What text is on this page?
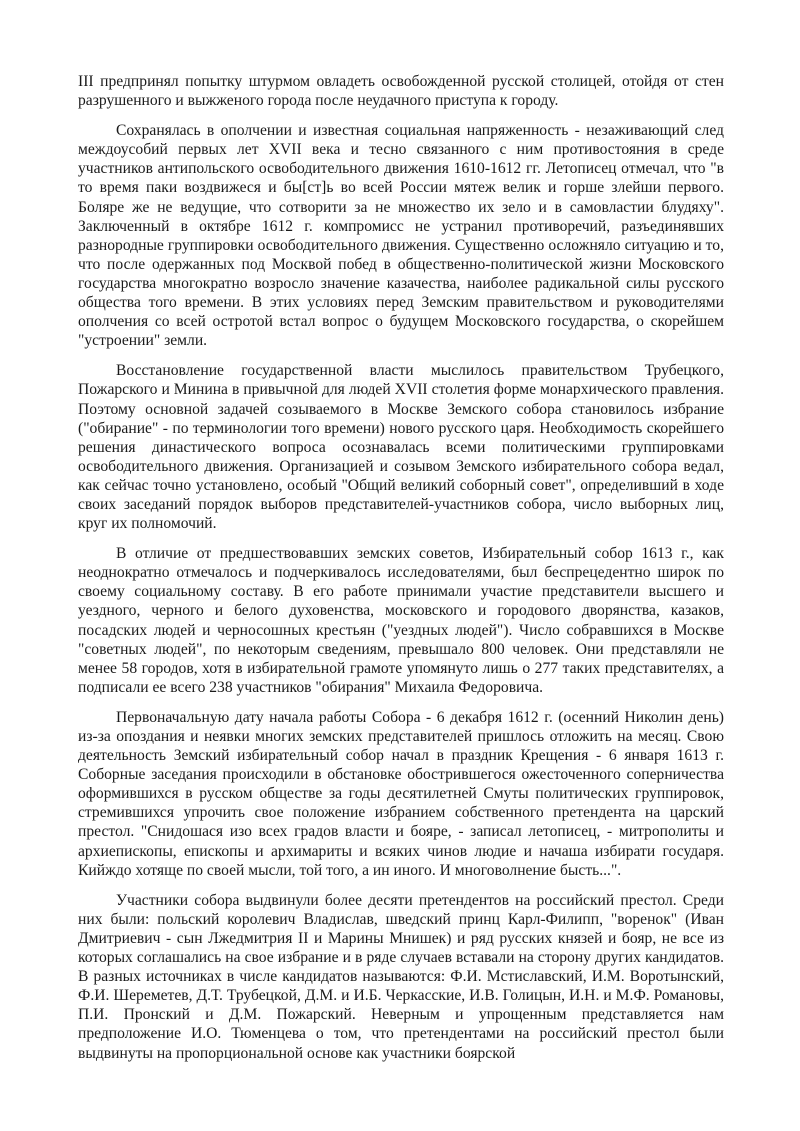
III предпринял попытку штурмом овладеть освобожденной русской столицей, отойдя от стен разрушенного и выжженого города после неудачного приступа к городу.

Сохранялась в ополчении и известная социальная напряженность - незаживающий след междоусобий первых лет XVII века и тесно связанного с ним противостояния в среде участников антипольского освободительного движения 1610-1612 гг. Летописец отмечал, что "в то время паки воздвижеся и бы[ст]ь во всей России мятеж велик и горше злейши первого. Боляре же не ведущие, что сотворити за не множество их зело и в самовластии блудяху". Заключенный в октябре 1612 г. компромисс не устранил противоречий, разъединявших разнородные группировки освободительного движения. Существенно осложняло ситуацию и то, что после одержанных под Москвой побед в общественно-политической жизни Московского государства многократно возросло значение казачества, наиболее радикальной силы русского общества того времени. В этих условиях перед Земским правительством и руководителями ополчения со всей остротой встал вопрос о будущем Московского государства, о скорейшем "устроении" земли.

Восстановление государственной власти мыслилось правительством Трубецкого, Пожарского и Минина в привычной для людей XVII столетия форме монархического правления. Поэтому основной задачей созываемого в Москве Земского собора становилось избрание ("обирание" - по терминологии того времени) нового русского царя. Необходимость скорейшего решения династического вопроса осознавалась всеми политическими группировками освободительного движения. Организацией и созывом Земского избирательного собора ведал, как сейчас точно установлено, особый "Общий великий соборный совет", определивший в ходе своих заседаний порядок выборов представителей-участников собора, число выборных лиц, круг их полномочий.

В отличие от предшествовавших земских советов, Избирательный собор 1613 г., как неоднократно отмечалось и подчеркивалось исследователями, был беспрецедентно широк по своему социальному составу. В его работе принимали участие представители высшего и уездного, черного и белого духовенства, московского и городового дворянства, казаков, посадских людей и черносошных крестьян ("уездных людей"). Число собравшихся в Москве "советных людей", по некоторым сведениям, превышало 800 человек. Они представляли не менее 58 городов, хотя в избирательной грамоте упомянуто лишь о 277 таких представителях, а подписали ее всего 238 участников "обирания" Михаила Федоровича.

Первоначальную дату начала работы Собора - 6 декабря 1612 г. (осенний Николин день) из-за опоздания и неявки многих земских представителей пришлось отложить на месяц. Свою деятельность Земский избирательный собор начал в праздник Крещения - 6 января 1613 г. Соборные заседания происходили в обстановке обострившегося ожесточенного соперничества оформившихся в русском обществе за годы десятилетней Смуты политических группировок, стремившихся упрочить свое положение избранием собственного претендента на царский престол. "Снидошася изо всех градов власти и бояре, - записал летописец, - митрополиты и архиепископы, епископы и архимариты и всяких чинов людие и начаша избирати государя. Кийждо хотяще по своей мысли, той того, а ин иного. И многоволнение бысть...".

Участники собора выдвинули более десяти претендентов на российский престол. Среди них были: польский королевич Владислав, шведский принц Карл-Филипп, "воренок" (Иван Дмитриевич - сын Лжедмитрия II и Марины Мнишек) и ряд русских князей и бояр, не все из которых соглашались на свое избрание и в ряде случаев вставали на сторону других кандидатов. В разных источниках в числе кандидатов называются: Ф.И. Мстиславский, И.М. Воротынский, Ф.И. Шереметев, Д.Т. Трубецкой, Д.М. и И.Б. Черкасские, И.В. Голицын, И.Н. и М.Ф. Романовы, П.И. Пронский и Д.М. Пожарский. Неверным и упрощенным представляется нам предположение И.О. Тюменцева о том, что претендентами на российский престол были выдвинуты на пропорциональной основе как участники боярской
